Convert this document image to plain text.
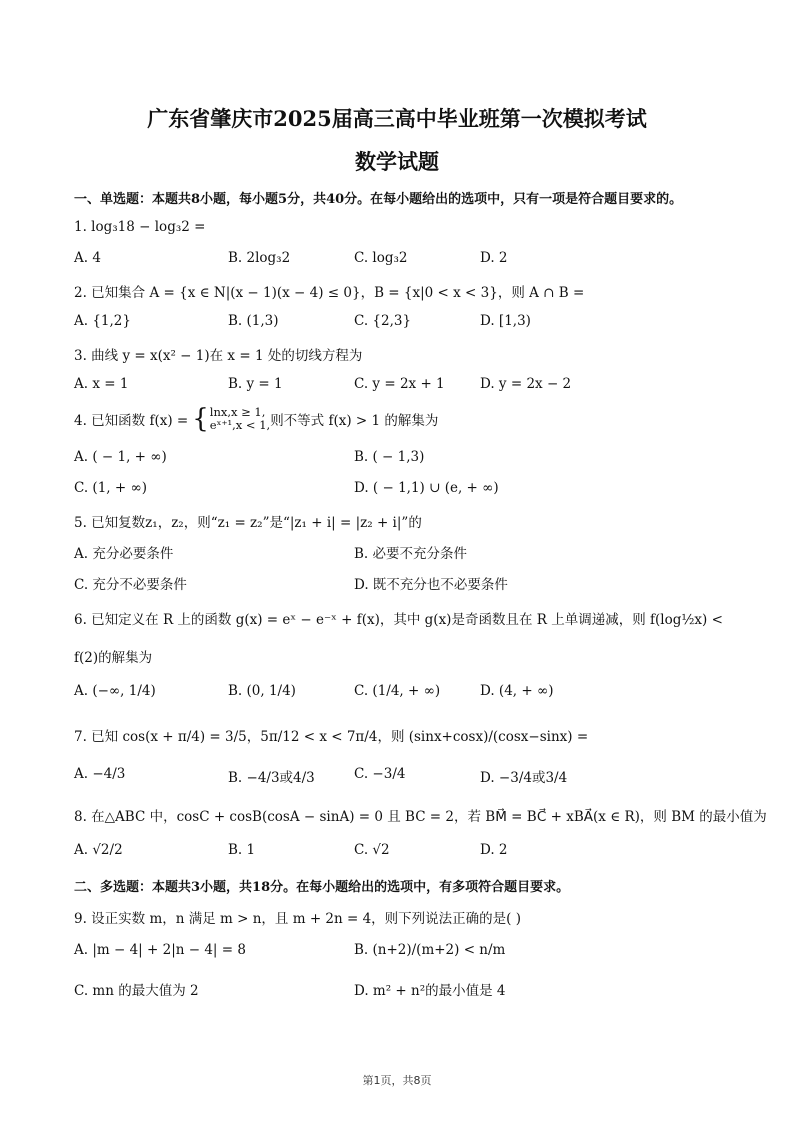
广东省肇庆市2025届高三高中毕业班第一次模拟考试
数学试题
一、单选题：本题共8小题，每小题5分，共40分。在每小题给出的选项中，只有一项是符合题目要求的。
1. log₃18 − log₃2 =
A. 4	B. 2log₃2	C. log₃2	D. 2
2. 已知集合 A = {x ∈ N|(x − 1)(x − 4) ≤ 0}，B = {x|0 < x < 3}，则 A ∩ B =
A. {1,2}	B. (1,3)	C. {2,3}	D. [1,3)
3. 曲线 y = x(x² − 1)在 x = 1 处的切线方程为
A. x = 1	B. y = 1	C. y = 2x + 1	D. y = 2x − 2
4. 已知函数 f(x) = { lnx,x ≥ 1,
eˣ⁺¹,x < 1, 则不等式 f(x) > 1 的解集为
A. ( − 1, + ∞)	B. ( − 1,3)
C. (1, + ∞)	D. ( − 1,1) ∪ (e, + ∞)
5. 已知复数z₁，z₂，则“z₁ = z₂”是“|z₁ + i| = |z₂ + i|”的
A. 充分必要条件	B. 必要不充分条件
C. 充分不必要条件	D. 既不充分也不必要条件
6. 已知定义在 R 上的函数 g(x) = eˣ − e⁻ˣ + f(x)，其中 g(x)是奇函数且在 R 上单调递减，则 f(log½x) <
f(2)的解集为
A. (−∞, 1/4)	B. (0, 1/4)	C. (1/4, + ∞)	D. (4, + ∞)
7. 已知 cos(x + π/4) = 3/5，5π/12 < x < 7π/4，则 (sinx+cosx)/(cosx−sinx) =
A. −4/3	B. −4/3或4/3	C. −3/4	D. −3/4或3/4
8. 在△ABC 中，cosC + cosB(cosA − sinA) = 0 且 BC = 2，若 BM⃗ = BC⃗ + xBA⃗(x ∈ R)，则 BM 的最小值为
A. √2/2	B. 1	C. √2	D. 2
二、多选题：本题共3小题，共18分。在每小题给出的选项中，有多项符合题目要求。
9. 设正实数 m，n 满足 m > n，且 m + 2n = 4，则下列说法正确的是( )
A. |m − 4| + 2|n − 4| = 8	B. (n+2)/(m+2) < n/m
C. mn 的最大值为 2	D. m² + n²的最小值是 4
第1页，共8页
